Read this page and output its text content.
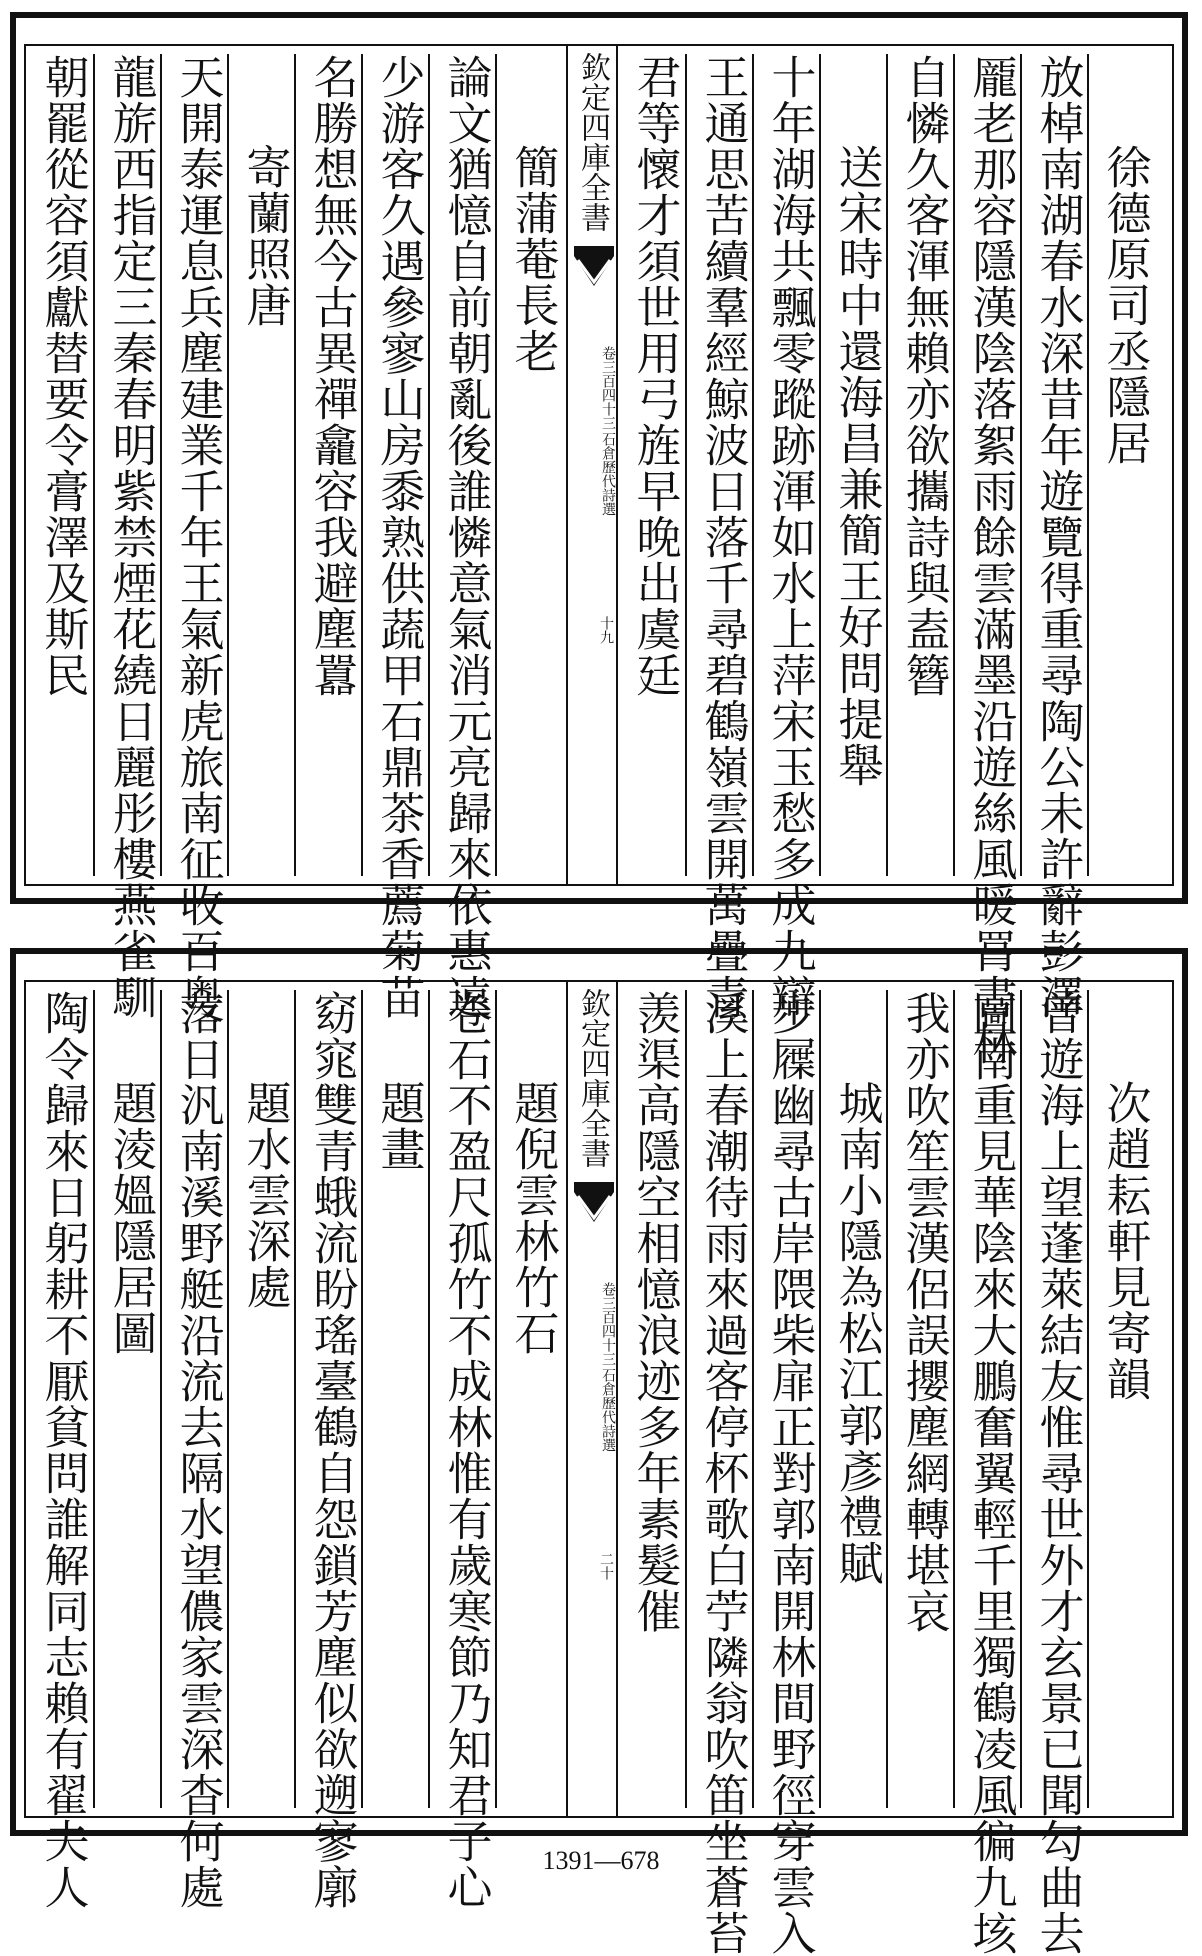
朝罷從容須獻替要令膏澤及斯民 龍旂西指定三秦春明紫禁煙花繞日麗彤樓燕雀馴 天開泰運息兵塵建業千年王氣新虎旅南征收百粤 寄蘭照唐 名勝想無今古異禪龕容我避塵囂 少游客久遇參寥山房黍熟供蔬甲石鼎茶香薦菊苗 論文猶憶自前朝亂後誰憐意氣消元亮歸來依惠遠 簡蒲菴長老
欽定四庫全書
石倉歷代詩選
卷三百四十三
十九 君等懷才須世用弓旌早晚出虞廷 王通思苦續羣經鯨波日落千尋碧鶴嶺雲開萬疊青 十年湖海共飄零蹤跡渾如水上萍宋玉愁多成九辯 送宋時中還海昌兼簡王好問提舉 自憐久客渾無賴亦欲攜詩與盍簪 龎老那容隱漢陰落絮雨餘雲滿墨沿遊絲風暖罥書林 放棹南湖春水深昔年遊覽得重尋陶公未許辭彭澤 徐德原司丞隱居
陶令歸來日躬耕不厭貧問誰解同志賴有翟夫人 題淩媼隱居圖 落日汎南溪野艇沿流去隔水望儂家雲深杳何處 題水雲深處 窈窕雙青蛾流盼瑤臺鶴自怨鎖芳塵似欲遡寥廓 題畫 卷石不盈尺孤竹不成林惟有歲寒節乃知君子心 題倪雲林竹石
欽定四庫全書
石倉歷代詩選
卷三百四十三
二十 羡渠高隱空相憶浪迹多年素髮催 溪上春潮待雨來過客停杯歌白苧隣翁吹笛坐蒼苔 步屧幽尋古岸隈柴扉正對郭南開林間野徑穿雲入 城南小隱為松江郭彥禮賦 我亦吹笙雲漢侶誤攖塵網轉堪哀 圖南重見華陰來大鵬奮翼輕千里獨鶴凌風徧九垓 曾遊海上望蓬萊結友惟尋世外才玄景已聞勾曲去 次趙耘軒見寄韻
1391—678
